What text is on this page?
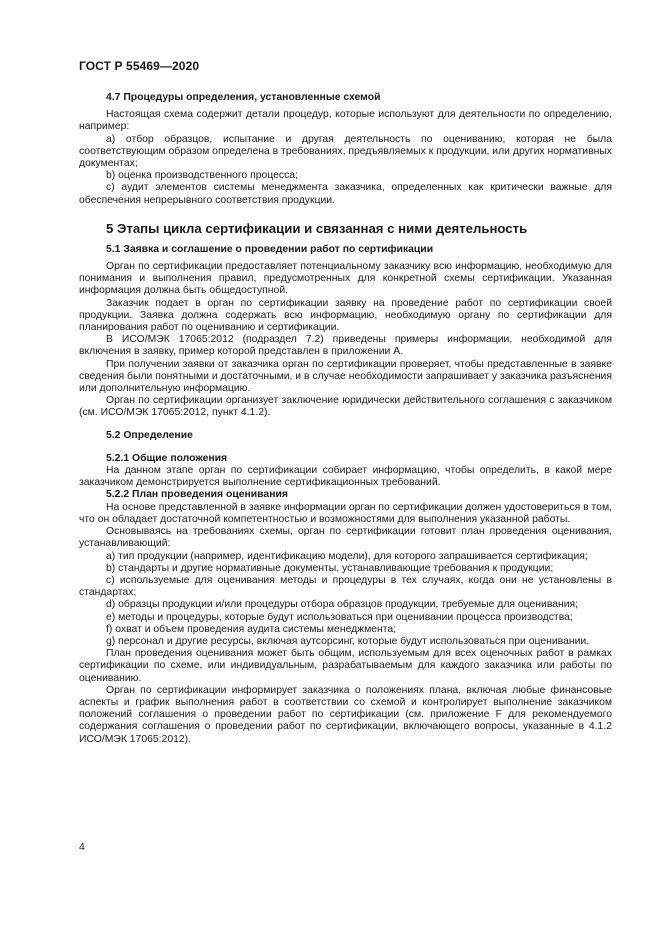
ГОСТ Р 55469—2020
4.7 Процедуры определения, установленные схемой

Настоящая схема содержит детали процедур, которые используют для деятельности по определению, например:

а) отбор образцов, испытание и другая деятельность по оцениванию, которая не была соответствующим образом определена в требованиях, предъявляемых к продукции, или других нормативных документах;

b) оценка производственного процесса;

с) аудит элементов системы менеджмента заказчика, определенных как критически важные для обеспечения непрерывного соответствия продукции.

5 Этапы цикла сертификации и связанная с ними деятельность
5.1 Заявка и соглашение о проведении работ по сертификации

Орган по сертификации предоставляет потенциальному заказчику всю информацию, необходимую для понимания и выполнения правил, предусмотренных для конкретной схемы сертификации. Указанная информация должна быть общедоступной.

Заказчик подает в орган по сертификации заявку на проведение работ по сертификации своей продукции. Заявка должна содержать всю информацию, необходимую органу по сертификации для планирования работ по оцениванию и сертификации.

В ИСО/МЭК 17065:2012 (подраздел 7.2) приведены примеры информации, необходимой для включения в заявку, пример которой представлен в приложении А.

При получении заявки от заказчика орган по сертификации проверяет, чтобы представленные в заявке сведения были понятными и достаточными, и в случае необходимости запрашивает у заказчика разъяснения или дополнительную информацию.

Орган по сертификации организует заключение юридически действительного соглашения с заказчиком (см. ИСО/МЭК 17065:2012, пункт 4.1.2).

5.2 Определение
5.2.1 Общие положения

На данном этапе орган по сертификации собирает информацию, чтобы определить, в какой мере заказчиком демонстрируется выполнение сертификационных требований.

5.2.2 План проведения оценивания

На основе представленной в заявке информации орган по сертификации должен удостовериться в том, что он обладает достаточной компетентностью и возможностями для выполнения указанной работы.

Основываясь на требованиях схемы, орган по сертификации готовит план проведения оценивания, устанавливающий:

а) тип продукции (например, идентификацию модели), для которого запрашивается сертификация;

b) стандарты и другие нормативные документы, устанавливающие требования к продукции;

с) используемые для оценивания методы и процедуры в тех случаях, когда они не установлены в стандартах;

d) образцы продукции и/или процедуры отбора образцов продукции, требуемые для оценивания;

e) методы и процедуры, которые будут использоваться при оценивании процесса производства;

f) охват и объем проведения аудита системы менеджмента;

g) персонал и другие ресурсы, включая аутсорсинг, которые будут использоваться при оценивании.

План проведения оценивания может быть общим, используемым для всех оценочных работ в рамках сертификации по схеме, или индивидуальным, разрабатываемым для каждого заказчика или работы по оцениванию.

Орган по сертификации информирует заказчика о положениях плана, включая любые финансовые аспекты и график выполнения работ в соответствии со схемой и контролирует выполнение заказчиком положений соглашения о проведении работ по сертификации (см. приложение F для рекомендуемого содержания соглашения о проведении работ по сертификации, включающего вопросы, указанные в 4.1.2 ИСО/МЭК 17065:2012).

4
